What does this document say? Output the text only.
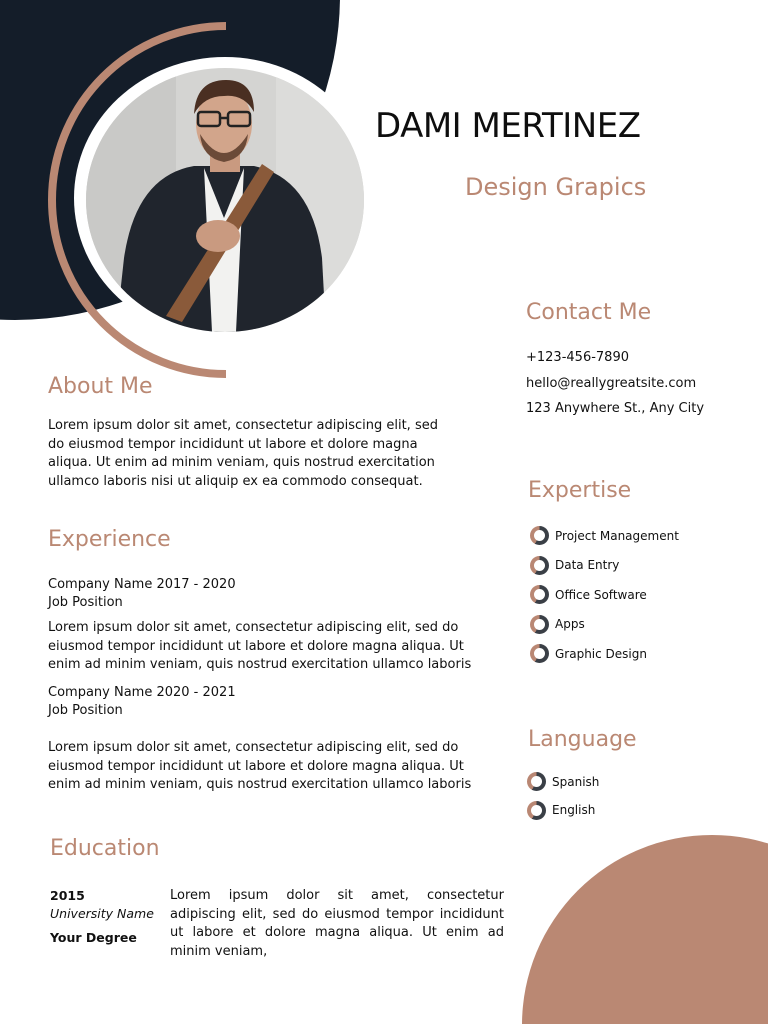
DAMI MERTINEZ
Design Grapics
About Me
Lorem ipsum dolor sit amet, consectetur adipiscing elit, sed do eiusmod tempor incididunt ut labore et dolore magna aliqua. Ut enim ad minim veniam, quis nostrud exercitation ullamco laboris nisi ut aliquip ex ea commodo consequat.
Experience
Company Name 2017 - 2020
Job Position
Lorem ipsum dolor sit amet, consectetur adipiscing elit, sed do eiusmod tempor incididunt ut labore et dolore magna aliqua. Ut enim ad minim veniam, quis nostrud exercitation ullamco laboris
Company Name 2020 - 2021
Job Position
Lorem ipsum dolor sit amet, consectetur adipiscing elit, sed do eiusmod tempor incididunt ut labore et dolore magna aliqua. Ut enim ad minim veniam, quis nostrud exercitation ullamco laboris
Education
2015
University Name
Your Degree
Lorem ipsum dolor sit amet, consectetur adipiscing elit, sed do eiusmod tempor incididunt ut labore et dolore magna aliqua. Ut enim ad minim veniam,
Contact Me
+123-456-7890
hello@reallygreatsite.com
123 Anywhere St., Any City
Expertise
Project Management
Data Entry
Office Software
Apps
Graphic Design
Language
Spanish
English
